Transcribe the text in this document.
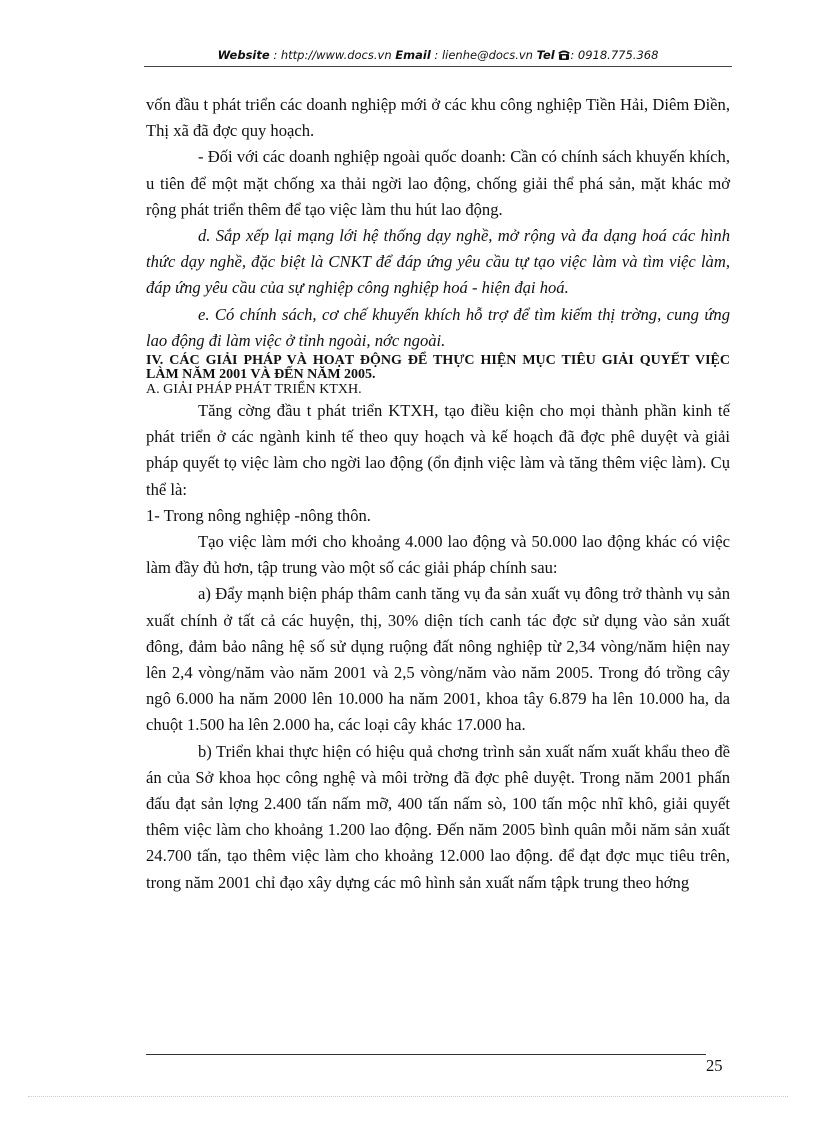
Website : http://www.docs.vn Email : lienhe@docs.vn Tel : 0918.775.368

vốn đầu t phát triển các doanh nghiệp mới ở các khu công nghiệp Tiền Hải, Diêm Điền, Thị xã đã đợc quy hoạch.

- Đối với các doanh nghiệp ngoài quốc doanh: Cần có chính sách khuyến khích, u tiên để một mặt chống xa thải ngời lao động, chống giải thể phá sản, mặt khác mở rộng phát triển thêm để tạo việc làm thu hút lao động.

d. Sắp xếp lại mạng lới hệ thống dạy nghề, mở rộng và đa dạng hoá các hình thức dạy nghề, đặc biệt là CNKT để đáp ứng yêu cầu tự tạo việc làm và tìm việc làm, đáp ứng yêu cầu của sự nghiệp công nghiệp hoá - hiện đại hoá.

e. Có chính sách, cơ chế khuyến khích hỗ trợ để tìm kiếm thị trờng, cung ứng lao động đi làm việc ở tỉnh ngoài, nớc ngoài.

IV. CÁC GIẢI PHÁP VÀ HOẠT ĐỘNG ĐỂ THỰC HIỆN MỤC TIÊU GIẢI QUYẾT VIỆC LÀM NĂM 2001 VÀ ĐẾN NĂM 2005.

A. GIẢI PHÁP PHÁT TRIỂN KTXH.

Tăng cờng đầu t phát triển KTXH, tạo điều kiện cho mọi thành phần kinh tế phát triển ở các ngành kinh tế theo quy hoạch và kế hoạch đã đợc phê duyệt và giải pháp quyết tọ việc làm cho ngời lao động (ổn định việc làm và tăng thêm việc làm). Cụ thể là:

1- Trong nông nghiệp -nông thôn.

Tạo việc làm mới cho khoảng 4.000 lao động và 50.000 lao động khác có việc làm đầy đủ hơn, tập trung vào một số các giải pháp chính sau:

a) Đẩy mạnh biện pháp thâm canh tăng vụ đa sản xuất vụ đông trở thành vụ sản xuất chính ở tất cả các huyện, thị, 30% diện tích canh tác đợc sử dụng vào sản xuất đông, đảm bảo nâng hệ số sử dụng ruộng đất nông nghiệp từ 2,34 vòng/năm hiện nay lên 2,4 vòng/năm vào năm 2001 và 2,5 vòng/năm vào năm 2005. Trong đó trồng cây ngô 6.000 ha năm 2000 lên 10.000 ha năm 2001, khoa tây 6.879 ha lên 10.000 ha, da chuột 1.500 ha lên 2.000 ha, các loại cây khác 17.000 ha.

b) Triển khai thực hiện có hiệu quả chơng trình sản xuất nấm xuất khẩu theo đề án của Sở khoa học công nghệ và môi trờng đã đợc phê duyệt. Trong năm 2001 phấn đấu đạt sản lợng 2.400 tấn nấm mỡ, 400 tấn nấm sò, 100 tấn mộc nhĩ khô, giải quyết thêm việc làm cho khoảng 1.200 lao động. Đến năm 2005 bình quân mỗi năm sản xuất 24.700 tấn, tạo thêm việc làm cho khoảng 12.000 lao động. để đạt đợc mục tiêu trên, trong năm 2001 chỉ đạo xây dựng các mô hình sản xuất nấm tậpk trung theo hớng

25
